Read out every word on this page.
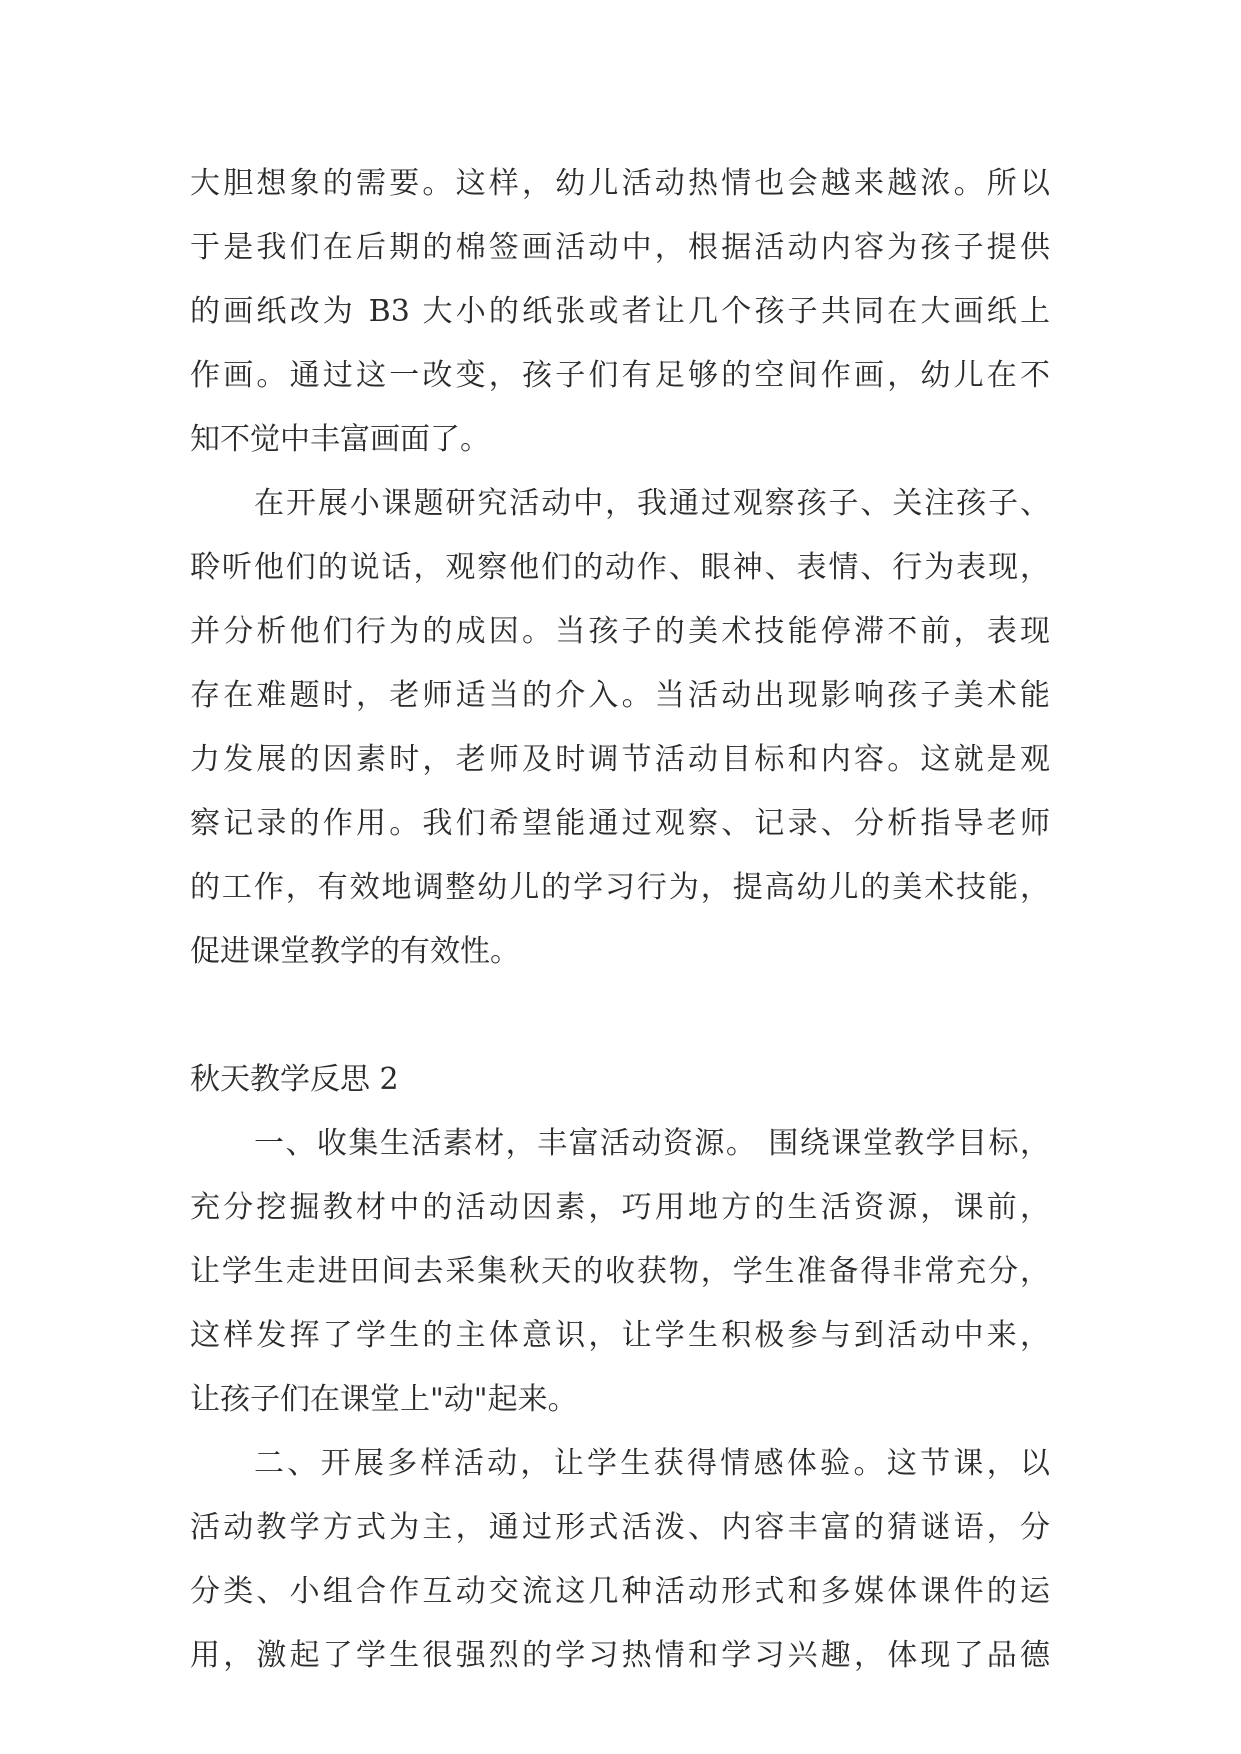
大胆想象的需要。这样，幼儿活动热情也会越来越浓。所以
于是我们在后期的棉签画活动中，根据活动内容为孩子提供
的画纸改为 B3 大小的纸张或者让几个孩子共同在大画纸上
作画。通过这一改变，孩子们有足够的空间作画，幼儿在不
知不觉中丰富画面了。
在开展小课题研究活动中，我通过观察孩子、关注孩子、
聆听他们的说话，观察他们的动作、眼神、表情、行为表现，
并分析他们行为的成因。当孩子的美术技能停滞不前，表现
存在难题时，老师适当的介入。当活动出现影响孩子美术能
力发展的因素时，老师及时调节活动目标和内容。这就是观
察记录的作用。我们希望能通过观察、记录、分析指导老师
的工作，有效地调整幼儿的学习行为，提高幼儿的美术技能，
促进课堂教学的有效性。
秋天教学反思 2
一、收集生活素材，丰富活动资源。 围绕课堂教学目标，
充分挖掘教材中的活动因素，巧用地方的生活资源，课前，
让学生走进田间去采集秋天的收获物，学生准备得非常充分，
这样发挥了学生的主体意识，让学生积极参与到活动中来，
让孩子们在课堂上"动"起来。
二、开展多样活动，让学生获得情感体验。这节课，以
活动教学方式为主，通过形式活泼、内容丰富的猜谜语，分
分类、小组合作互动交流这几种活动形式和多媒体课件的运
用，激起了学生很强烈的学习热情和学习兴趣，体现了品德
